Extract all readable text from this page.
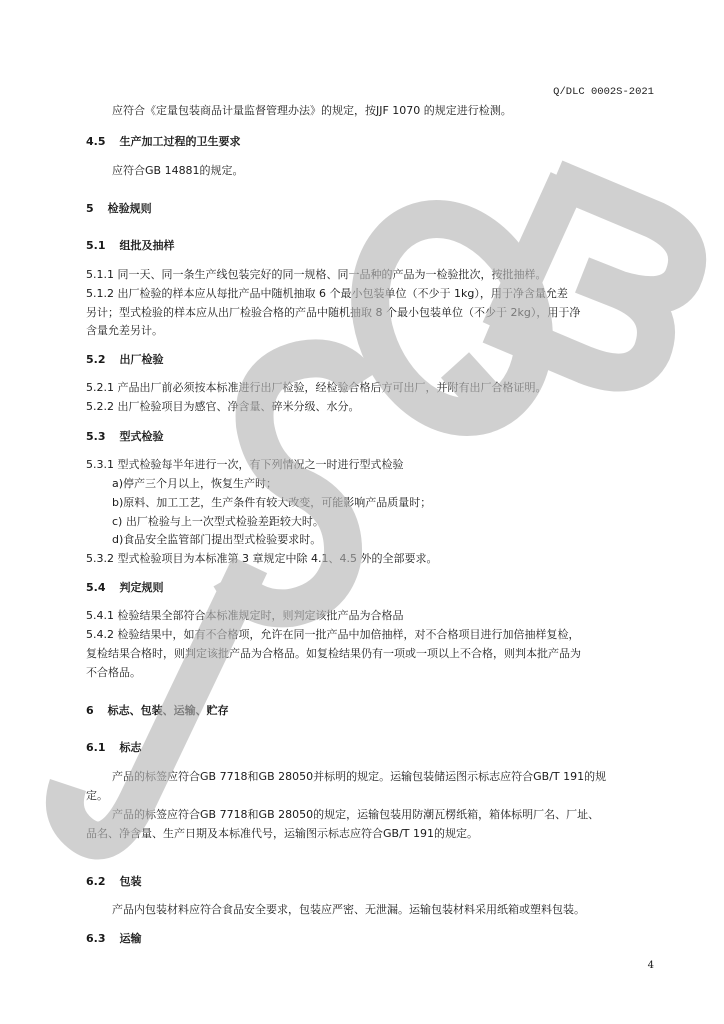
Q/DLC 0002S-2021
应符合《定量包装商品计量监督管理办法》的规定，按JJF 1070 的规定进行检测。
4.5 生产加工过程的卫生要求
应符合GB 14881的规定。
5 检验规则
5.1 组批及抽样
5.1.1 同一天、同一条生产线包装完好的同一规格、同一品种的产品为一检验批次，按批抽样。
5.1.2 出厂检验的样本应从每批产品中随机抽取 6 个最小包装单位（不少于 1kg），用于净含量允差
另计；型式检验的样本应从出厂检验合格的产品中随机抽取 8 个最小包装单位（不少于 2kg），用于净
含量允差另计。
5.2 出厂检验
5.2.1 产品出厂前必须按本标准进行出厂检验，经检验合格后方可出厂，并附有出厂合格证明。
5.2.2 出厂检验项目为感官、净含量、碎米分级、水分。
5.3 型式检验
5.3.1 型式检验每半年进行一次，有下列情况之一时进行型式检验
a)停产三个月以上，恢复生产时；
b)原料、加工工艺，生产条件有较大改变，可能影响产品质量时；
c) 出厂检验与上一次型式检验差距较大时。
d)食品安全监管部门提出型式检验要求时。
5.3.2 型式检验项目为本标准第 3 章规定中除 4.1、4.5 外的全部要求。
5.4 判定规则
5.4.1 检验结果全部符合本标准规定时，则判定该批产品为合格品
5.4.2 检验结果中，如有不合格项，允许在同一批产品中加倍抽样，对不合格项目进行加倍抽样复检，
复检结果合格时，则判定该批产品为合格品。如复检结果仍有一项或一项以上不合格，则判本批产品为
不合格品。
6 标志、包装、运输、贮存
6.1 标志
产品的标签应符合GB 7718和GB 28050并标明的规定。运输包装储运图示标志应符合GB/T 191的规
定。
产品的标签应符合GB 7718和GB 28050的规定，运输包装用防潮瓦楞纸箱，箱体标明厂名、厂址、
品名、净含量、生产日期及本标准代号，运输图示标志应符合GB/T 191的规定。
6.2 包装
产品内包装材料应符合食品安全要求，包装应严密、无泄漏。运输包装材料采用纸箱或塑料包装。
6.3 运输
4
